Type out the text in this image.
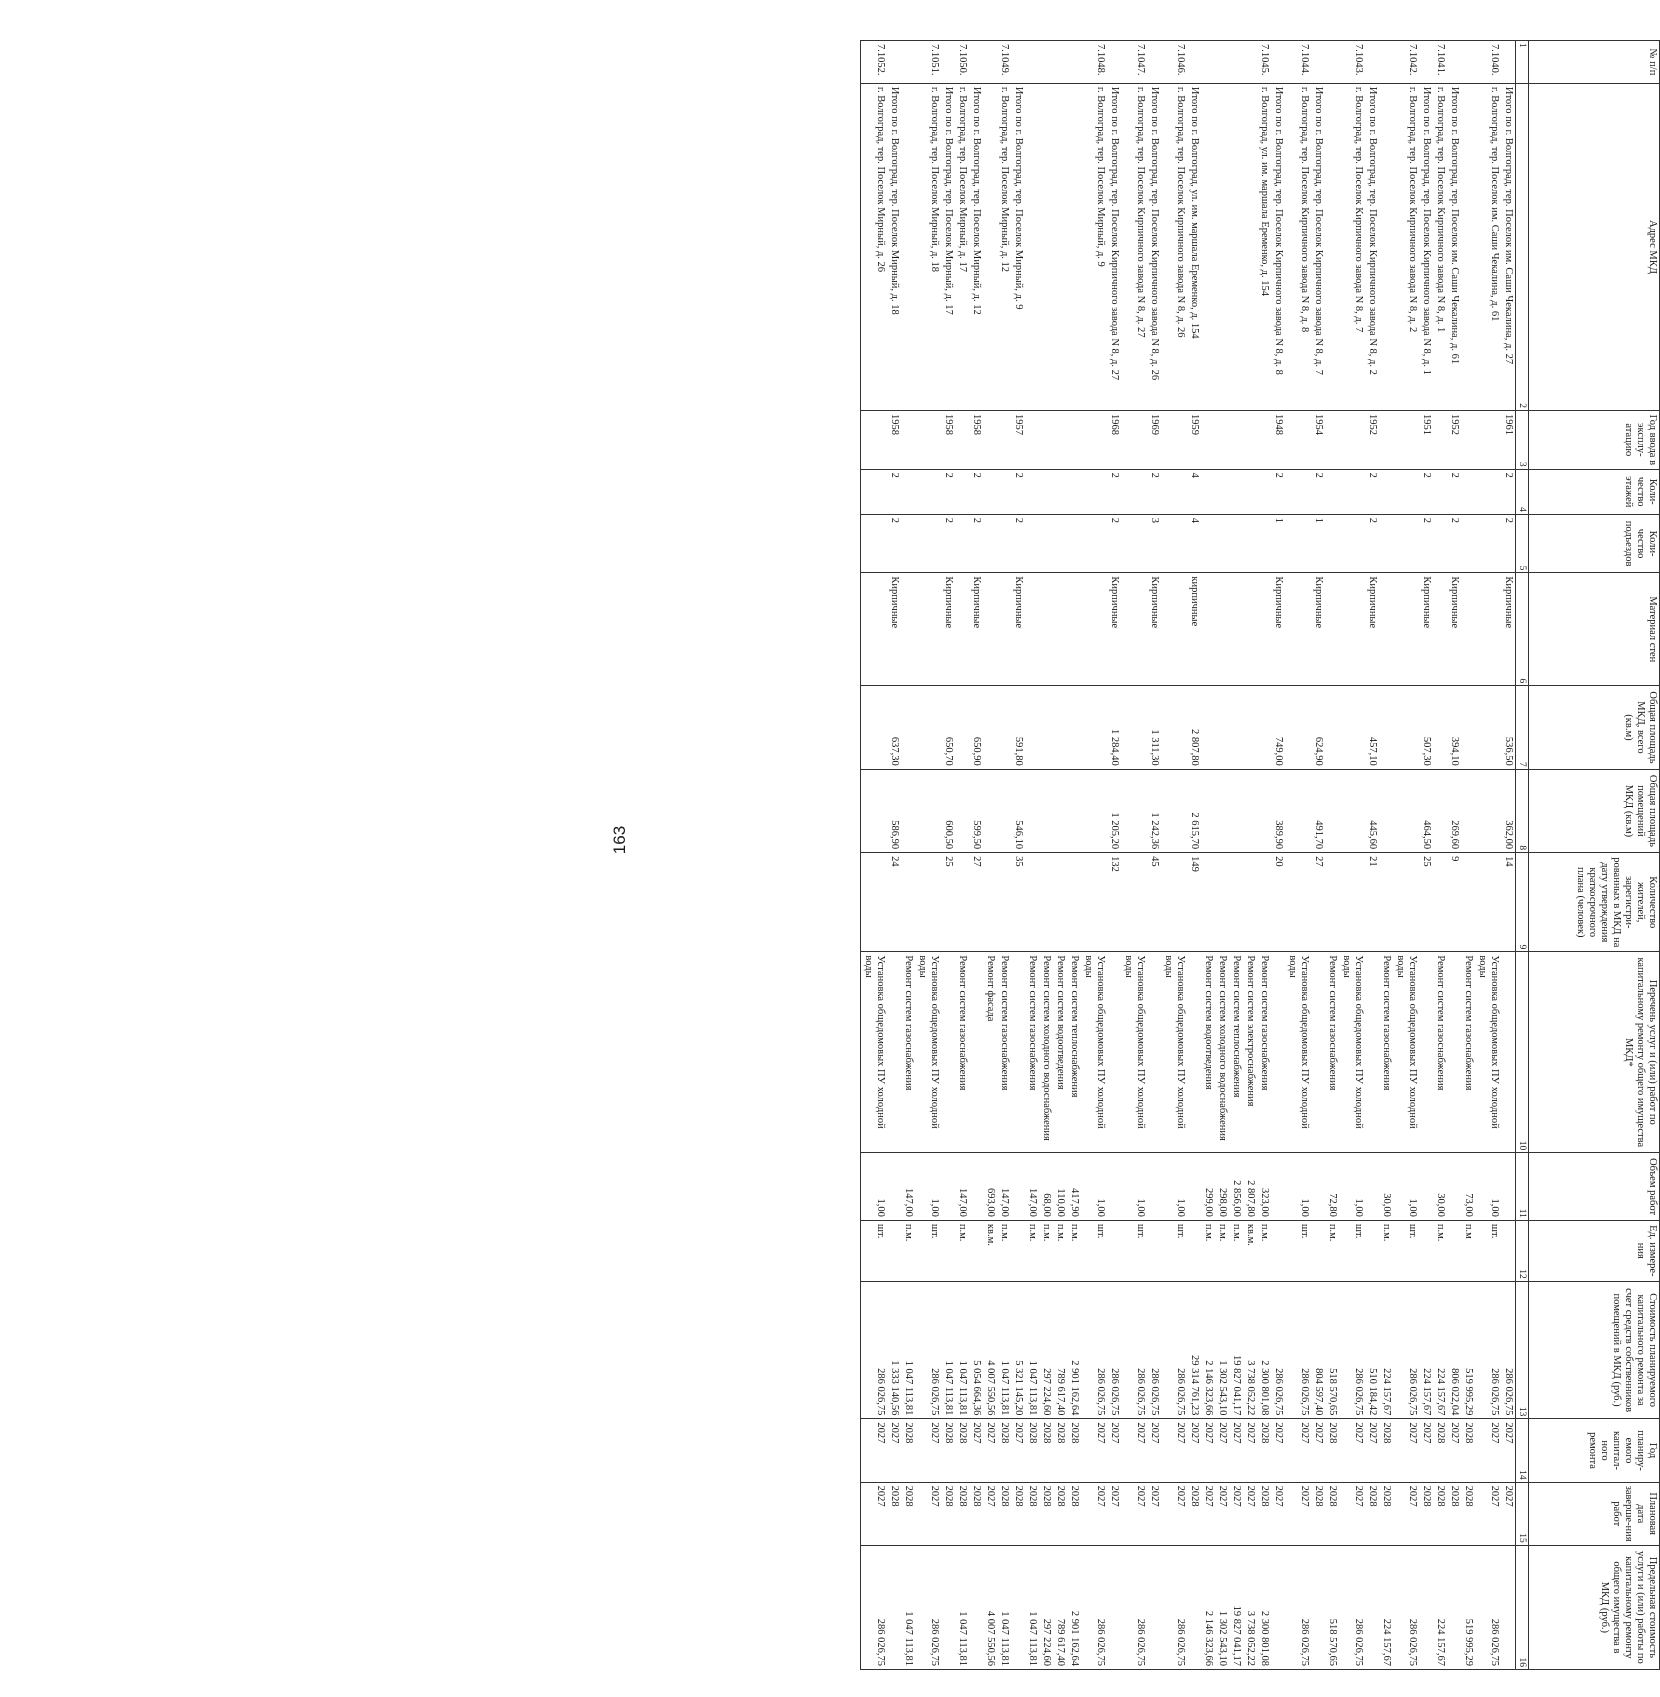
163
№ п/п	Адрес МКД	Год ввода в эксплу-атацию	Коли-чество этажей	Коли-чество подъездов	Материал стен	Общая площадь МКД, всего (кв.м)	Общая площадь помещений МКД (кв.м)	Количество жителей, зарегистри-рованных в МКД на дату утверждения краткосрочного плана (человек)	Перечень услуг и (или) работ по капитальному ремонту общего имущества МКД*	Объем работ	Ед. измере-ния	Стоимость планируемого капитального ремонта за счет средств собственников помещений в МКД (руб.)	Год планиру-емого капитал-ного ремонта	Плановая дата заверше-ния работ	Предельная стоимость услуги и (или) работы по капитальному ремонту общего имущества в МКД (руб.)
1	2	3	4	5	6	7	8	9	10	11	12	13	14	15	16
	Итого по г. Волгоград, тер. Поселок им. Саши Чекалина, д. 27	1961	2	2	Кирпичные	536,50	362,00	14				286 026,75	2027	2027	
7.1040.	г. Волгоград, тер. Поселок им. Саши Чекалина, д. 61								Установка общедомовых ПУ холодной воды	1,00	шт.	286 026,75	2027	2027	286 026,75
									Ремонт систем газоснабжения	73,00	п.м	519 995,29	2028	2028	519 995,29
	Итого по г. Волгоград, тер. Поселок им. Саши Чекалина, д. 61	1952	2	2	Кирпичные	394,10	269,60	9				806 022,04	2027	2028	
7.1041.	г. Волгоград, тер. Поселок Кирпичного завода N 8, д. 1								Ремонт систем газоснабжения	30,00	п.м.	224 157,67	2028	2028	224 157,67
	Итого по г. Волгоград, тер. Поселок Кирпичного завода N 8, д. 1	1951	2	2	Кирпичные	507,30	464,50	25				224 157,67	2027	2028	
7.1042.	г. Волгоград, тер. Поселок Кирпичного завода N 8, д. 2								Установка общедомовых ПУ холодной воды	1,00	шт.	286 026,75	2027	2027	286 026,75
									Ремонт систем газоснабжения	30,00	п.м.	224 157,67	2028	2028	224 157,67
	Итого по г. Волгоград, тер. Поселок Кирпичного завода N 8, д. 2	1952	2	2	Кирпичные	457,10	445,60	21				510 184,42	2027	2028	
7.1043.	г. Волгоград, тер. Поселок Кирпичного завода N 8, д. 7								Установка общедомовых ПУ холодной воды	1,00	шт.	286 026,75	2027	2027	286 026,75
									Ремонт систем газоснабжения	72,80	п.м.	518 570,65	2028	2028	518 570,65
	Итого по г. Волгоград, тер. Поселок Кирпичного завода N 8, д. 7	1954	2	1	Кирпичные	624,90	491,70	27				804 597,40	2027	2028	
7.1044.	г. Волгоград, тер. Поселок Кирпичного завода N 8, д. 8								Установка общедомовых ПУ холодной воды	1,00	шт.	286 026,75	2027	2027	286 026,75
	Итого по г. Волгоград, тер. Поселок Кирпичного завода N 8, д. 8	1948	2	1	Кирпичные	749,00	389,90	20				286 026,75	2027	2027	
7.1045.	г. Волгоград, ул. им. маршала Еременко, д. 154								Ремонт систем газоснабжения	323,00	п.м.	2 300 801,08	2028	2028	2 300 801,08
									Ремонт систем электроснабжения	2 807,80	кв.м.	3 738 052,22	2027	2027	3 738 052,22
									Ремонт систем теплоснабжения	2 856,00	п.м.	19 827 041,17	2027	2027	19 827 041,17
									Ремонт систем холодного водоснабжения	298,00	п.м.	1 302 543,10	2027	2027	1 302 543,10
									Ремонт систем водоотведения	299,00	п.м.	2 146 323,66	2027	2027	2 146 323,66
	Итого по г. Волгоград, ул. им. маршала Еременко, д. 154	1959	4	4	кирпичные	2 807,80	2 615,70	149				29 314 761,23	2027	2028	
7.1046.	г. Волгоград, тер. Поселок Кирпичного завода N 8, д. 26								Установка общедомовых ПУ холодной воды	1,00	шт.	286 026,75	2027	2027	286 026,75
	Итого по г. Волгоград, тер. Поселок Кирпичного завода N 8, д. 26	1969	2	3	Кирпичные	1 311,30	1 242,36	45				286 026,75	2027	2027	
7.1047.	г. Волгоград, тер. Поселок Кирпичного завода N 8, д. 27								Установка общедомовых ПУ холодной воды	1,00	шт.	286 026,75	2027	2027	286 026,75
	Итого по г. Волгоград, тер. Поселок Кирпичного завода N 8, д. 27	1968	2	2	Кирпичные	1 284,40	1 205,20	132				286 026,75	2027	2027	
7.1048.	г. Волгоград, тер. Поселок Мирный, д. 9								Установка общедомовых ПУ холодной воды	1,00	шт.	286 026,75	2027	2027	286 026,75
									Ремонт систем теплоснабжения	417,90	п.м.	2 901 162,64	2028	2028	2 901 162,64
									Ремонт систем водоотведения	110,00	п.м.	789 617,40	2028	2028	789 617,40
									Ремонт систем холодного водоснабжения	68,00	п.м.	297 224,60	2028	2028	297 224,60
									Ремонт систем газоснабжения	147,00	п.м.	1 047 113,81	2028	2028	1 047 113,81
	Итого по г. Волгоград, тер. Поселок Мирный, д. 9	1957	2	2	Кирпичные	591,80	546,10	35				5 321 145,20	2027	2028	
7.1049.	г. Волгоград, тер. Поселок Мирный, д. 12								Ремонт систем газоснабжения	147,00	п.м.	1 047 113,81	2028	2028	1 047 113,81
									Ремонт фасада	693,00	кв.м.	4 007 550,56	2027	2027	4 007 550,56
	Итого по г. Волгоград, тер. Поселок Мирный, д. 12	1958	2	2	Кирпичные	650,90	599,50	27				5 054 664,36	2027	2028	
7.1050.	г. Волгоград, тер. Поселок Мирный, д. 17								Ремонт систем газоснабжения	147,00	п.м.	1 047 113,81	2028	2028	1 047 113,81
	Итого по г. Волгоград, тер. Поселок Мирный, д. 17	1958	2	2	Кирпичные	650,70	600,50	25				1 047 113,81	2028	2028	
7.1051.	г. Волгоград, тер. Поселок Мирный, д. 18								Установка общедомовых ПУ холодной воды	1,00	шт.	286 026,75	2027	2027	286 026,75
									Ремонт систем газоснабжения	147,00	п.м.	1 047 113,81	2028	2028	1 047 113,81
	Итого по г. Волгоград, тер. Поселок Мирный, д. 18	1958	2	2	Кирпичные	637,30	586,90	24				1 333 140,56	2027	2028	
7.1052.	г. Волгоград, тер. Поселок Мирный, д. 26								Установка общедомовых ПУ холодной воды	1,00	шт.	286 026,75	2027	2027	286 026,75
